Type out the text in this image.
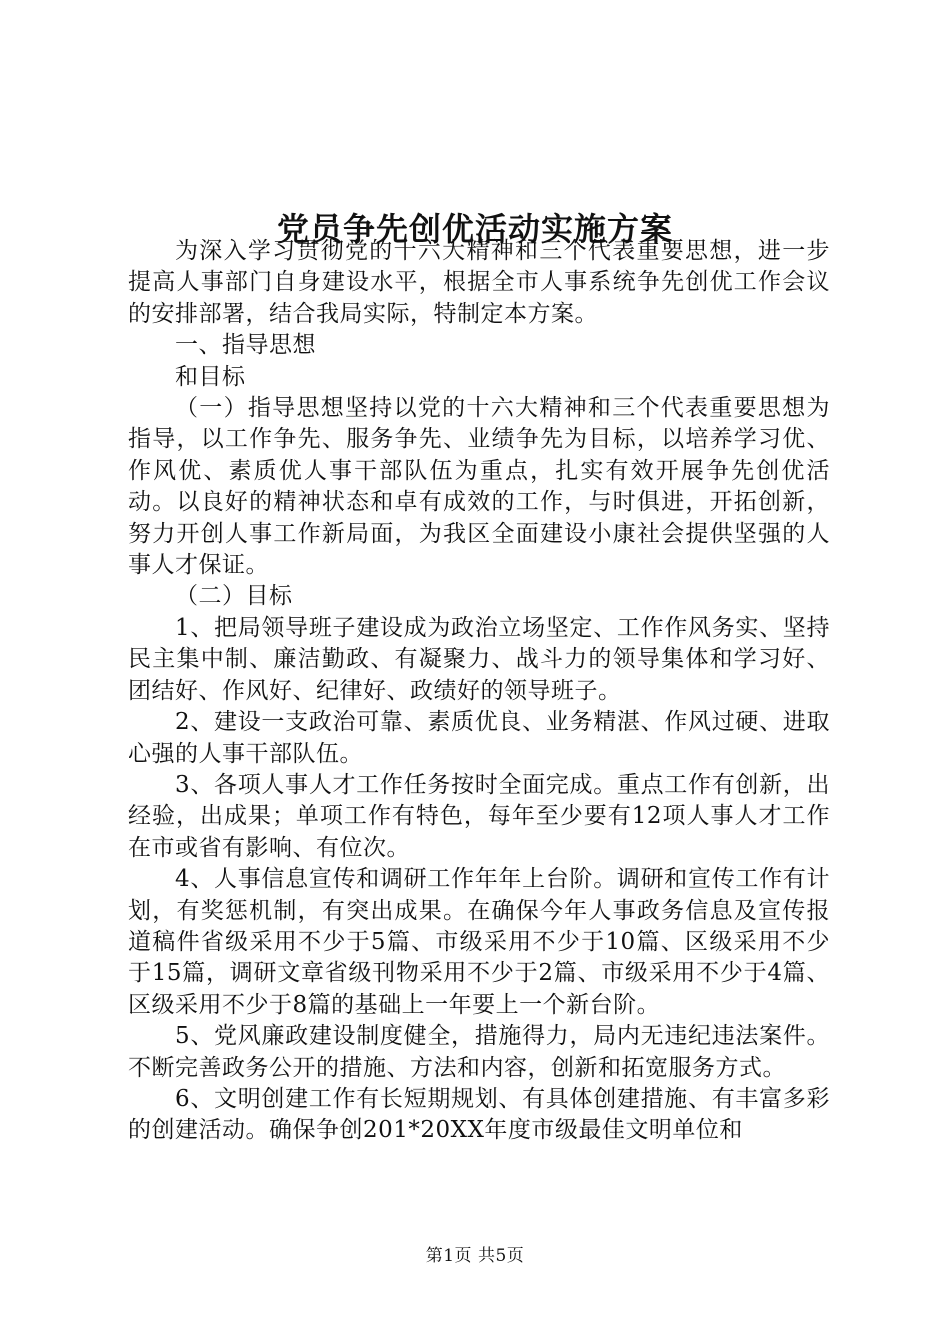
党员争先创优活动实施方案

为深入学习贯彻党的十六大精神和三个代表重要思想，进一步提高人事部门自身建设水平，根据全市人事系统争先创优工作会议的安排部署，结合我局实际，特制定本方案。

一、指导思想

和目标

（一）指导思想坚持以党的十六大精神和三个代表重要思想为指导，以工作争先、服务争先、业绩争先为目标，以培养学习优、作风优、素质优人事干部队伍为重点，扎实有效开展争先创优活动。以良好的精神状态和卓有成效的工作，与时俱进，开拓创新，努力开创人事工作新局面，为我区全面建设小康社会提供坚强的人事人才保证。

（二）目标

1、把局领导班子建设成为政治立场坚定、工作作风务实、坚持民主集中制、廉洁勤政、有凝聚力、战斗力的领导集体和学习好、团结好、作风好、纪律好、政绩好的领导班子。

2、建设一支政治可靠、素质优良、业务精湛、作风过硬、进取心强的人事干部队伍。

3、各项人事人才工作任务按时全面完成。重点工作有创新，出经验，出成果；单项工作有特色，每年至少要有12项人事人才工作在市或省有影响、有位次。

4、人事信息宣传和调研工作年年上台阶。调研和宣传工作有计划，有奖惩机制，有突出成果。在确保今年人事政务信息及宣传报道稿件省级采用不少于5篇、市级采用不少于10篇、区级采用不少于15篇，调研文章省级刊物采用不少于2篇、市级采用不少于4篇、区级采用不少于8篇的基础上一年要上一个新台阶。

5、党风廉政建设制度健全，措施得力，局内无违纪违法案件。不断完善政务公开的措施、方法和内容，创新和拓宽服务方式。

6、文明创建工作有长短期规划、有具体创建措施、有丰富多彩的创建活动。确保争创201*20XX年度市级最佳文明单位和

第1页 共5页
